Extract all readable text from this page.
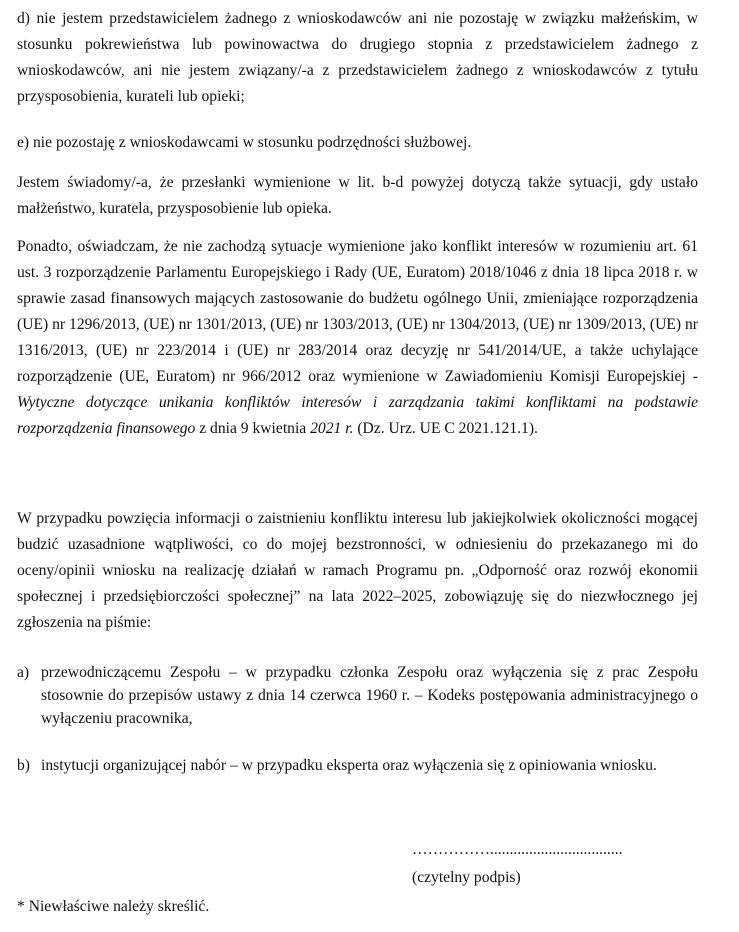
d) nie jestem przedstawicielem żadnego z wnioskodawców ani nie pozostaję w związku małżeńskim, w stosunku pokrewieństwa lub powinowactwa do drugiego stopnia z przedstawicielem żadnego z wnioskodawców, ani nie jestem związany/-a z przedstawicielem żadnego z wnioskodawców z tytułu przysposobienia, kurateli lub opieki;

e) nie pozostaję z wnioskodawcami w stosunku podrzędności służbowej.

Jestem świadomy/-a, że przesłanki wymienione w lit. b-d powyżej dotyczą także sytuacji, gdy ustało małżeństwo, kuratela, przysposobienie lub opieka.

Ponadto, oświadczam, że nie zachodzą sytuacje wymienione jako konflikt interesów w rozumieniu art. 61 ust. 3 rozporządzenie Parlamentu Europejskiego i Rady (UE, Euratom) 2018/1046 z dnia 18 lipca 2018 r. w sprawie zasad finansowych mających zastosowanie do budżetu ogólnego Unii, zmieniające rozporządzenia (UE) nr 1296/2013, (UE) nr 1301/2013, (UE) nr 1303/2013, (UE) nr 1304/2013, (UE) nr 1309/2013, (UE) nr 1316/2013, (UE) nr 223/2014 i (UE) nr 283/2014 oraz decyzję nr 541/2014/UE, a także uchylające rozporządzenie (UE, Euratom) nr 966/2012 oraz wymienione w Zawiadomieniu Komisji Europejskiej - Wytyczne dotyczące unikania konfliktów interesów i zarządzania takimi konfliktami na podstawie rozporządzenia finansowego z dnia 9 kwietnia 2021 r. (Dz. Urz. UE C 2021.121.1).

W przypadku powzięcia informacji o zaistnieniu konfliktu interesu lub jakiejkolwiek okoliczności mogącej budzić uzasadnione wątpliwości, co do mojej bezstronności, w odniesieniu do przekazanego mi do oceny/opinii wniosku na realizację działań w ramach Programu pn. „Odporność oraz rozwój ekonomii społecznej i przedsiębiorczości społecznej” na lata 2022–2025, zobowiązuję się do niezwłocznego jej zgłoszenia na piśmie:

a) przewodniczącemu Zespołu – w przypadku członka Zespołu oraz wyłączenia się z prac Zespołu stosownie do przepisów ustawy z dnia 14 czerwca 1960 r. – Kodeks postępowania administracyjnego o wyłączeniu pracownika,
b) instytucji organizującej nabór – w przypadku eksperta oraz wyłączenia się z opiniowania wniosku.
……………..................................
(czytelny podpis)
* Niewłaściwe należy skreślić.
